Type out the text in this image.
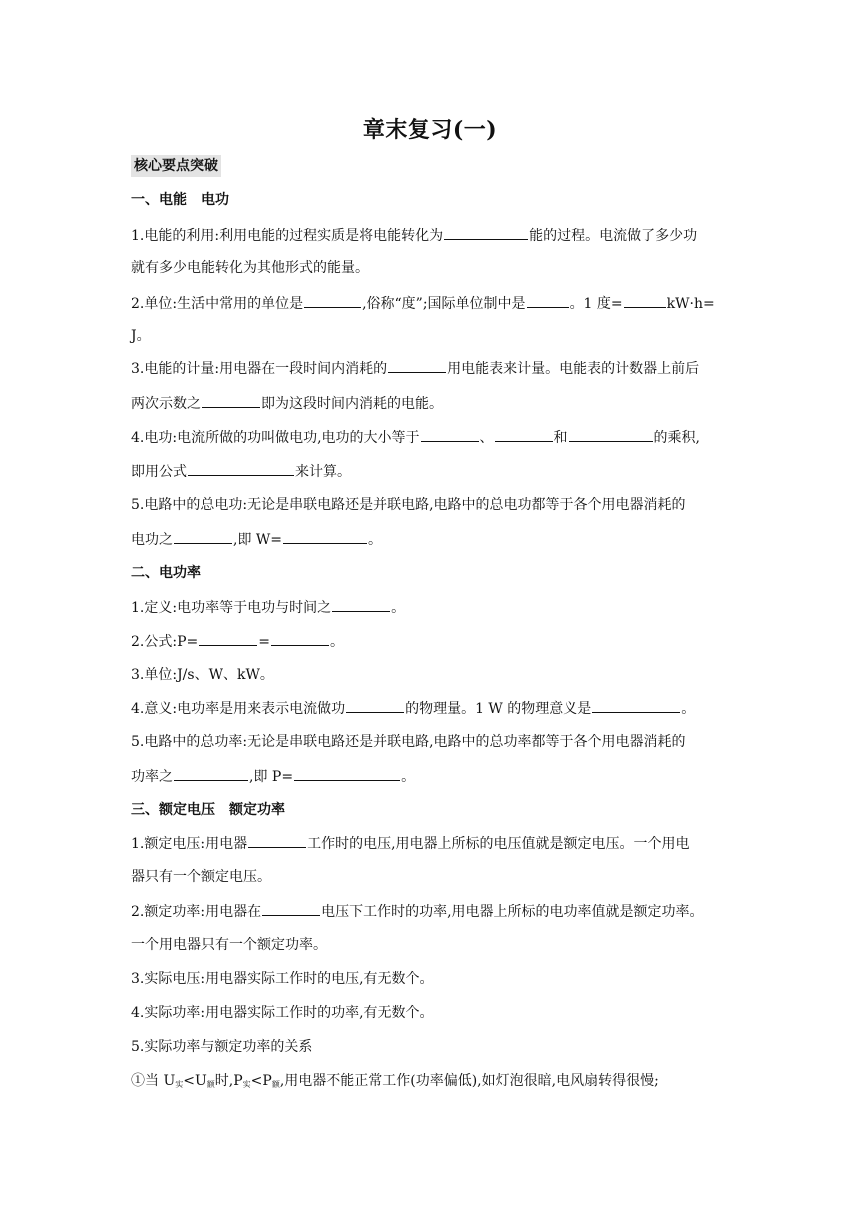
章末复习(一)
核心要点突破
一、电能　电功
1.电能的利用:利用电能的过程实质是将电能转化为	能的过程。电流做了多少功
就有多少电能转化为其他形式的能量。
2.单位:生活中常用的单位是	,俗称“度”;国际单位制中是	。1 度=	kW·h=
J。
3.电能的计量:用电器在一段时间内消耗的	用电能表来计量。电能表的计数器上前后
两次示数之	即为这段时间内消耗的电能。
4.电功:电流所做的功叫做电功,电功的大小等于	、	和	的乘积,
即用公式	来计算。
5.电路中的总电功:无论是串联电路还是并联电路,电路中的总电功都等于各个用电器消耗的
电功之	,即 W=	。
二、电功率
1.定义:电功率等于电功与时间之	。
2.公式:P=	=	。
3.单位:J/s、W、kW。
4.意义:电功率是用来表示电流做功	的物理量。1 W 的物理意义是	。
5.电路中的总功率:无论是串联电路还是并联电路,电路中的总功率都等于各个用电器消耗的
功率之	,即 P=	。
三、额定电压　额定功率
1.额定电压:用电器	工作时的电压,用电器上所标的电压值就是额定电压。一个用电
器只有一个额定电压。
2.额定功率:用电器在	电压下工作时的功率,用电器上所标的电功率值就是额定功率。
一个用电器只有一个额定功率。
3.实际电压:用电器实际工作时的电压,有无数个。
4.实际功率:用电器实际工作时的功率,有无数个。
5.实际功率与额定功率的关系
①当 $U_实<U_额$时$,P_实<P_额$,用电器不能正常工作(功率偏低),如灯泡很暗,电风扇转得很慢;
